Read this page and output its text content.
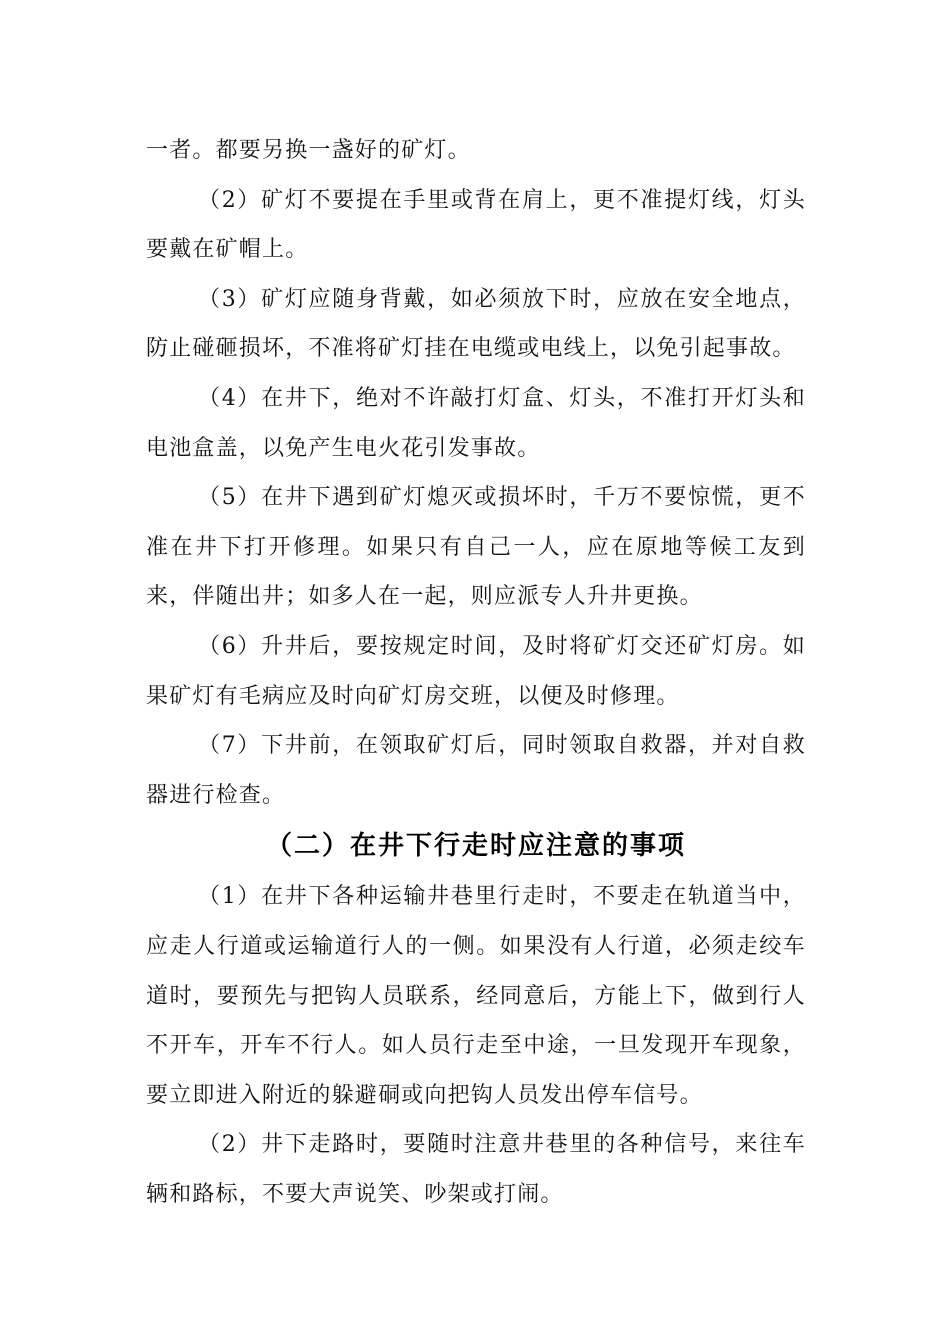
一者。都要另换一盏好的矿灯。

（2）矿灯不要提在手里或背在肩上，更不准提灯线，灯头要戴在矿帽上。

（3）矿灯应随身背戴，如必须放下时，应放在安全地点，防止碰砸损坏，不准将矿灯挂在电缆或电线上，以免引起事故。

（4）在井下，绝对不许敲打灯盒、灯头，不准打开灯头和电池盒盖，以免产生电火花引发事故。

（5）在井下遇到矿灯熄灭或损坏时，千万不要惊慌，更不准在井下打开修理。如果只有自己一人，应在原地等候工友到来，伴随出井；如多人在一起，则应派专人升井更换。

（6）升井后，要按规定时间，及时将矿灯交还矿灯房。如果矿灯有毛病应及时向矿灯房交班，以便及时修理。

（7）下井前，在领取矿灯后，同时领取自救器，并对自救器进行检查。

（二）在井下行走时应注意的事项

（1）在井下各种运输井巷里行走时，不要走在轨道当中，应走人行道或运输道行人的一侧。如果没有人行道，必须走绞车道时，要预先与把钩人员联系，经同意后，方能上下，做到行人不开车，开车不行人。如人员行走至中途，一旦发现开车现象，要立即进入附近的躲避硐或向把钩人员发出停车信号。

（2）井下走路时，要随时注意井巷里的各种信号，来往车辆和路标，不要大声说笑、吵架或打闹。
